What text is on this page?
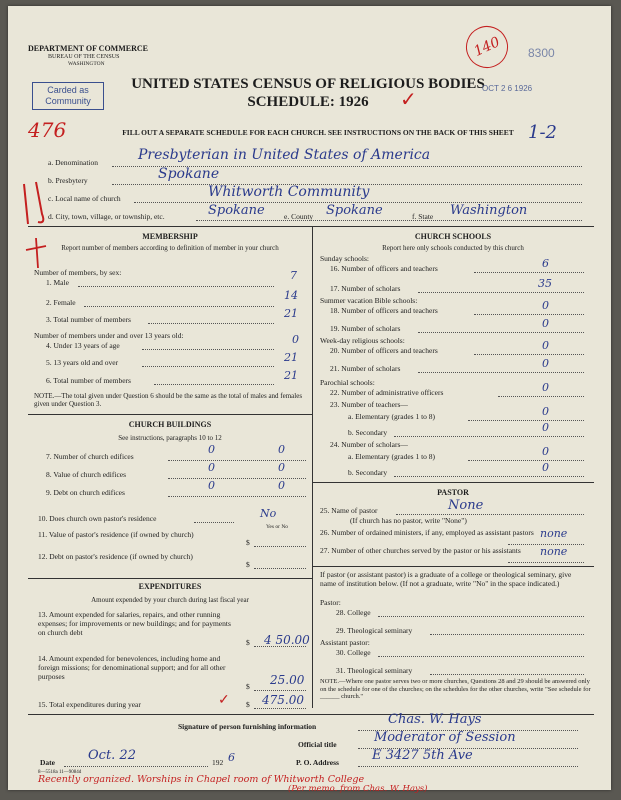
DEPARTMENT OF COMMERCE
BUREAU OF THE CENSUS
WASHINGTON
Carded as Community
UNITED STATES CENSUS OF RELIGIOUS BODIES
SCHEDULE: 1926	✓
OCT 2 6 1926
8300
140
476	1-2
FILL OUT A SEPARATE SCHEDULE FOR EACH CHURCH. SEE INSTRUCTIONS ON THE BACK OF THIS SHEET
a. Denomination	Presbyterian in United States of America
b. Presbytery	Spokane
c. Local name of church	Whitworth Community
d. City, town, village, or township, etc.	Spokane	e. County Spokane	f. State Washington
MEMBERSHIP
Report number of members according to definition of member in your church
Number of members, by sex:
1. Male
7
2. Female
14
3. Total number of members	21
Number of members under and over 13 years old:
4. Under 13 years of age	0
5. 13 years old and over	21
6. Total number of members	21
NOTE.—The total given under Question 6 should be the same as the total of males and females given under Question 3.
CHURCH BUILDINGS
See instructions, paragraphs 10 to 12
7. Number of church edifices
0	0
8. Value of church edifices
0	0
9. Debt on church edifices
0	0
10. Does church own pastor's residence	No
Yes or No
11. Value of pastor's residence (if owned by church)
$
12. Debt on pastor's residence (if owned by church)
$
EXPENDITURES
Amount expended by your church during last fiscal year
13. Amount expended for salaries, repairs, and other running expenses; for improvements or new buildings; and for payments on church debt
$ 4 50.00
14. Amount expended for benevolences, including home and foreign missions; for denominational support; and for all other purposes
$ 25.00
15. Total expenditures during year	✓ $ 475.00
CHURCH SCHOOLS
Report here only schools conducted by this church
Sunday schools:
16. Number of officers and teachers	6
17. Number of scholars	35
Summer vacation Bible schools:
18. Number of officers and teachers	0
19. Number of scholars	0
Week-day religious schools:
20. Number of officers and teachers	0
21. Number of scholars	0
Parochial schools:
22. Number of administrative officers	0
23. Number of teachers—
a. Elementary (grades 1 to 8)	0
b. Secondary	0
24. Number of scholars—
a. Elementary (grades 1 to 8)	0
b. Secondary	0
PASTOR
25. Name of pastor	None
(If church has no pastor, write "None")
26. Number of ordained ministers, if any, employed as assistant pastors none
27. Number of other churches served by the pastor or his assistants	none
If pastor (or assistant pastor) is a graduate of a college or theological seminary, give name of institution below. (If not a graduate, write "No" in the space indicated.)
Pastor:
28. College
29. Theological seminary
Assistant pastor:
30. College
31. Theological seminary
NOTE.—Where one pastor serves two or more churches, Questions 28 and 29 should be answered only on the schedule for one of the churches; on the schedules for the other churches, write "See schedule for ______ church."
Signature of person furnishing information	Chas. W. Hays
Official title	Moderator of Session
Date	Oct. 22	192 6	P. O. Address	E 3427 5th Ave
8—5518a 11—9084d
Recently organized. Worships in Chapel room of Whitworth College
(Per memo. from Chas. W. Hays)
